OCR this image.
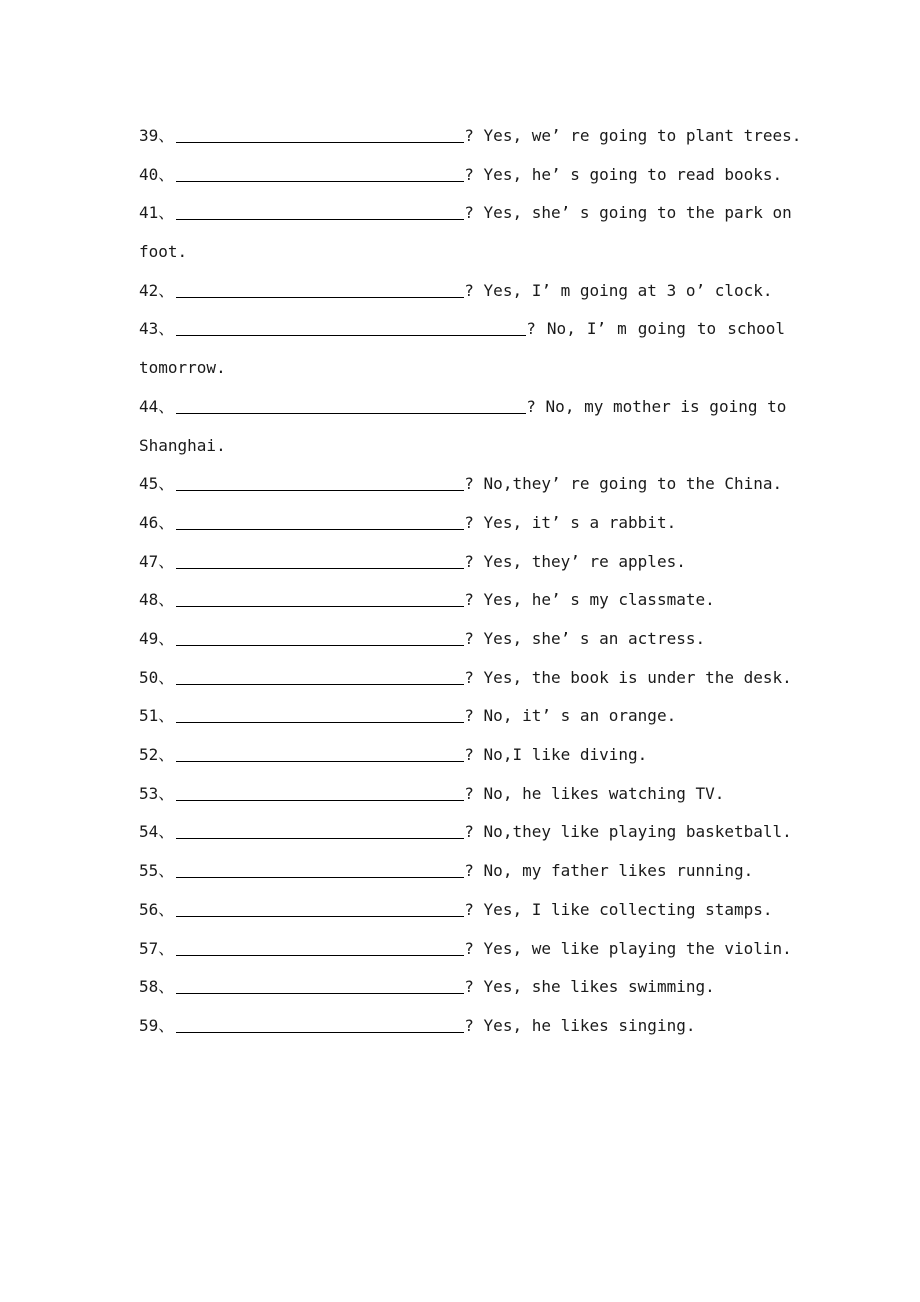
39、	? Yes, we’ re going to plant trees.
40、	? Yes, he’ s going to read books.
41、	? Yes, she’ s going to the park on
foot.
42、	? Yes, I’ m going at 3 o’ clock.
43、	? No, I’ m going to school
tomorrow.
44、	? No, my mother is going to
Shanghai.
45、	? No,they’ re going to the China.
46、	? Yes, it’ s a rabbit.
47、	? Yes, they’ re apples.
48、	? Yes, he’ s my classmate.
49、	? Yes, she’ s an actress.
50、	? Yes, the book is under the desk.
51、	? No, it’ s an orange.
52、	? No,I like diving.
53、	? No, he likes watching TV.
54、	? No,they like playing basketball.
55、	? No, my father likes running.
56、	? Yes, I like collecting stamps.
57、	? Yes, we like playing the violin.
58、	? Yes, she likes swimming.
59、	? Yes, he likes singing.
